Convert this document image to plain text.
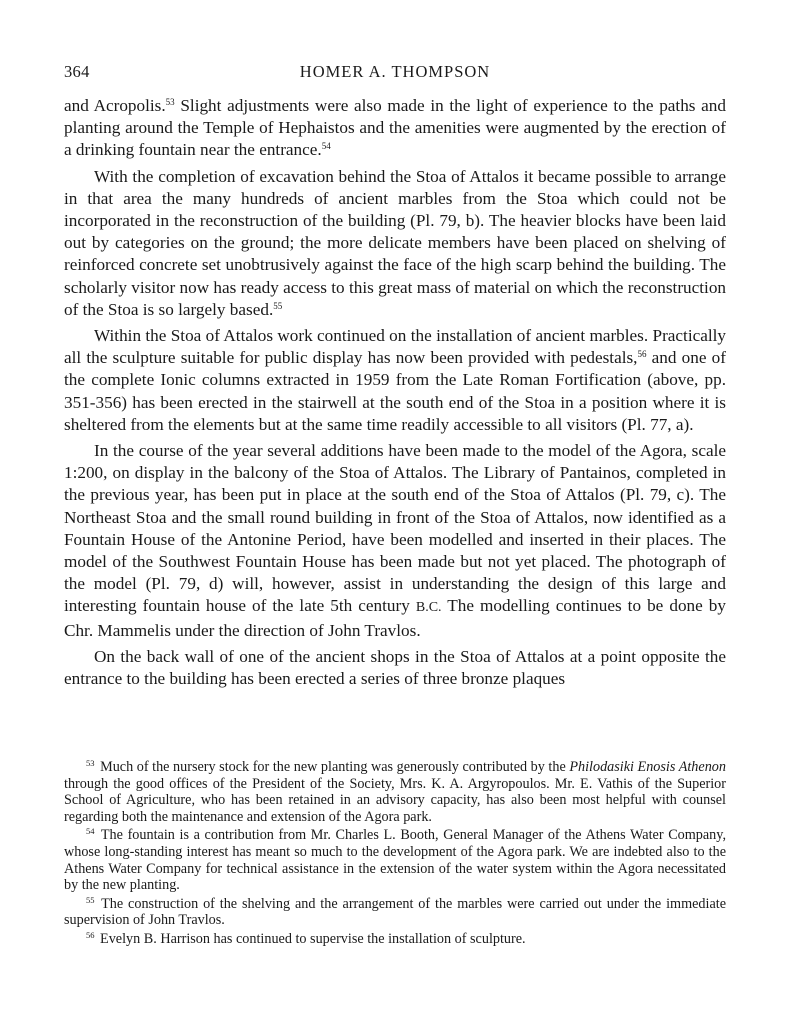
364	HOMER A. THOMPSON

and Acropolis.$^{53}$ Slight adjustments were also made in the light of experience to the paths and planting around the Temple of Hephaistos and the amenities were augmented by the erection of a drinking fountain near the entrance.$^{54}$

With the completion of excavation behind the Stoa of Attalos it became possible to arrange in that area the many hundreds of ancient marbles from the Stoa which could not be incorporated in the reconstruction of the building (Pl. 79, b). The heavier blocks have been laid out by categories on the ground; the more delicate members have been placed on shelving of reinforced concrete set unobtrusively against the face of the high scarp behind the building. The scholarly visitor now has ready access to this great mass of material on which the reconstruction of the Stoa is so largely based.$^{55}$

Within the Stoa of Attalos work continued on the installation of ancient marbles. Practically all the sculpture suitable for public display has now been provided with pedestals,$^{56}$ and one of the complete Ionic columns extracted in 1959 from the Late Roman Fortification (above, pp. 351-356) has been erected in the stairwell at the south end of the Stoa in a position where it is sheltered from the elements but at the same time readily accessible to all visitors (Pl. 77, a).

In the course of the year several additions have been made to the model of the Agora, scale 1:200, on display in the balcony of the Stoa of Attalos. The Library of Pantainos, completed in the previous year, has been put in place at the south end of the Stoa of Attalos (Pl. 79, c). The Northeast Stoa and the small round building in front of the Stoa of Attalos, now identified as a Fountain House of the Antonine Period, have been modelled and inserted in their places. The model of the Southwest Fountain House has been made but not yet placed. The photograph of the model (Pl. 79, d) will, however, assist in understanding the design of this large and interesting fountain house of the late 5th century B.C. The modelling continues to be done by Chr. Mammelis under the direction of John Travlos.

On the back wall of one of the ancient shops in the Stoa of Attalos at a point opposite the entrance to the building has been erected a series of three bronze plaques

$^{53}$ Much of the nursery stock for the new planting was generously contributed by the Philodasiki Enosis Athenon through the good offices of the President of the Society, Mrs. K. A. Argyropoulos. Mr. E. Vathis of the Superior School of Agriculture, who has been retained in an advisory capacity, has also been most helpful with counsel regarding both the maintenance and extension of the Agora park.

$^{54}$ The fountain is a contribution from Mr. Charles L. Booth, General Manager of the Athens Water Company, whose long-standing interest has meant so much to the development of the Agora park. We are indebted also to the Athens Water Company for technical assistance in the extension of the water system within the Agora necessitated by the new planting.

$^{55}$ The construction of the shelving and the arrangement of the marbles were carried out under the immediate supervision of John Travlos.

$^{56}$ Evelyn B. Harrison has continued to supervise the installation of sculpture.
